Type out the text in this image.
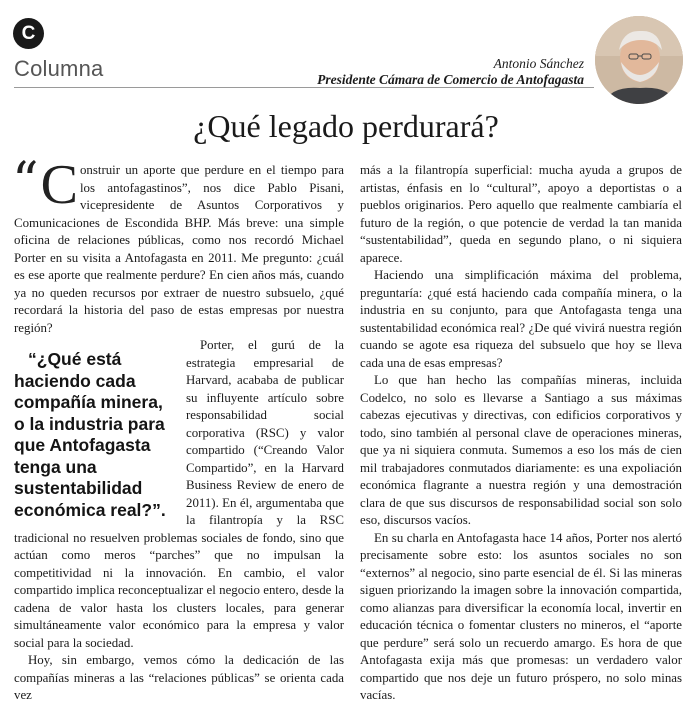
C
Columna	Antonio Sánchez
Presidente Cámara de Comercio de Antofagasta
¿Qué legado perdurará?

“ C onstruir un aporte que perdure en el tiempo para los antofagastinos”, nos dice Pablo Pisani, vicepresidente de Asuntos Corporativos y Comunicaciones de Escondida BHP. Más breve: una simple oficina de relaciones públicas, como nos recordó Michael Porter en su visita a Antofagasta en 2011. Me pregunto: ¿cuál es ese aporte que realmente perdure? En cien años más, cuando ya no queden recursos por extraer de nuestro subsuelo, ¿qué recordará la historia del paso de estas empresas por nuestra región?

“¿Qué está haciendo cada compañía minera, o la industria para que Antofagasta tenga una sustentabilidad económica real?”.
Porter, el gurú de la estrategia empresarial de Harvard, acababa de publicar su influyente artículo sobre responsabilidad social corporativa (RSC) y valor compartido (“Creando Valor Compartido”, en la Harvard Business Review de enero de 2011). En él, argumentaba que la filantropía y la RSC tradicional no resuelven problemas sociales de fondo, sino que actúan como meros “parches” que no impulsan la competitividad ni la innovación. En cambio, el valor compartido implica reconceptualizar el negocio entero, desde la cadena de valor hasta los clusters locales, para generar simultáneamente valor económico para la empresa y valor social para la sociedad.

Hoy, sin embargo, vemos cómo la dedicación de las compañías mineras a las “relaciones públicas” se orienta cada vez

más a la filantropía superficial: mucha ayuda a grupos de artistas, énfasis en lo “cultural”, apoyo a deportistas o a pueblos originarios. Pero aquello que realmente cambiaría el futuro de la región, o que potencie de verdad la tan manida “sustentabilidad”, queda en segundo plano, o ni siquiera aparece.

Haciendo una simplificación máxima del problema, preguntaría: ¿qué está haciendo cada compañía minera, o la industria en su conjunto, para que Antofagasta tenga una sustentabilidad económica real? ¿De qué vivirá nuestra región cuando se agote esa riqueza del subsuelo que hoy se lleva cada una de esas empresas?

Lo que han hecho las compañías mineras, incluida Codelco, no solo es llevarse a Santiago a sus máximas cabezas ejecutivas y directivas, con edificios corporativos y todo, sino también al personal clave de operaciones mineras, que ya ni siquiera conmuta. Sumemos a eso los más de cien mil trabajadores conmutados diariamente: es una expoliación económica flagrante a nuestra región y una demostración clara de que sus discursos de responsabilidad social son solo eso, discursos vacíos.

En su charla en Antofagasta hace 14 años, Porter nos alertó precisamente sobre esto: los asuntos sociales no son “externos” al negocio, sino parte esencial de él. Si las mineras siguen priorizando la imagen sobre la innovación compartida, como alianzas para diversificar la economía local, invertir en educación técnica o fomentar clusters no mineros, el “aporte que perdure” será solo un recuerdo amargo. Es hora de que Antofagasta exija más que promesas: un verdadero valor compartido que nos deje un futuro próspero, no solo minas vacías.
